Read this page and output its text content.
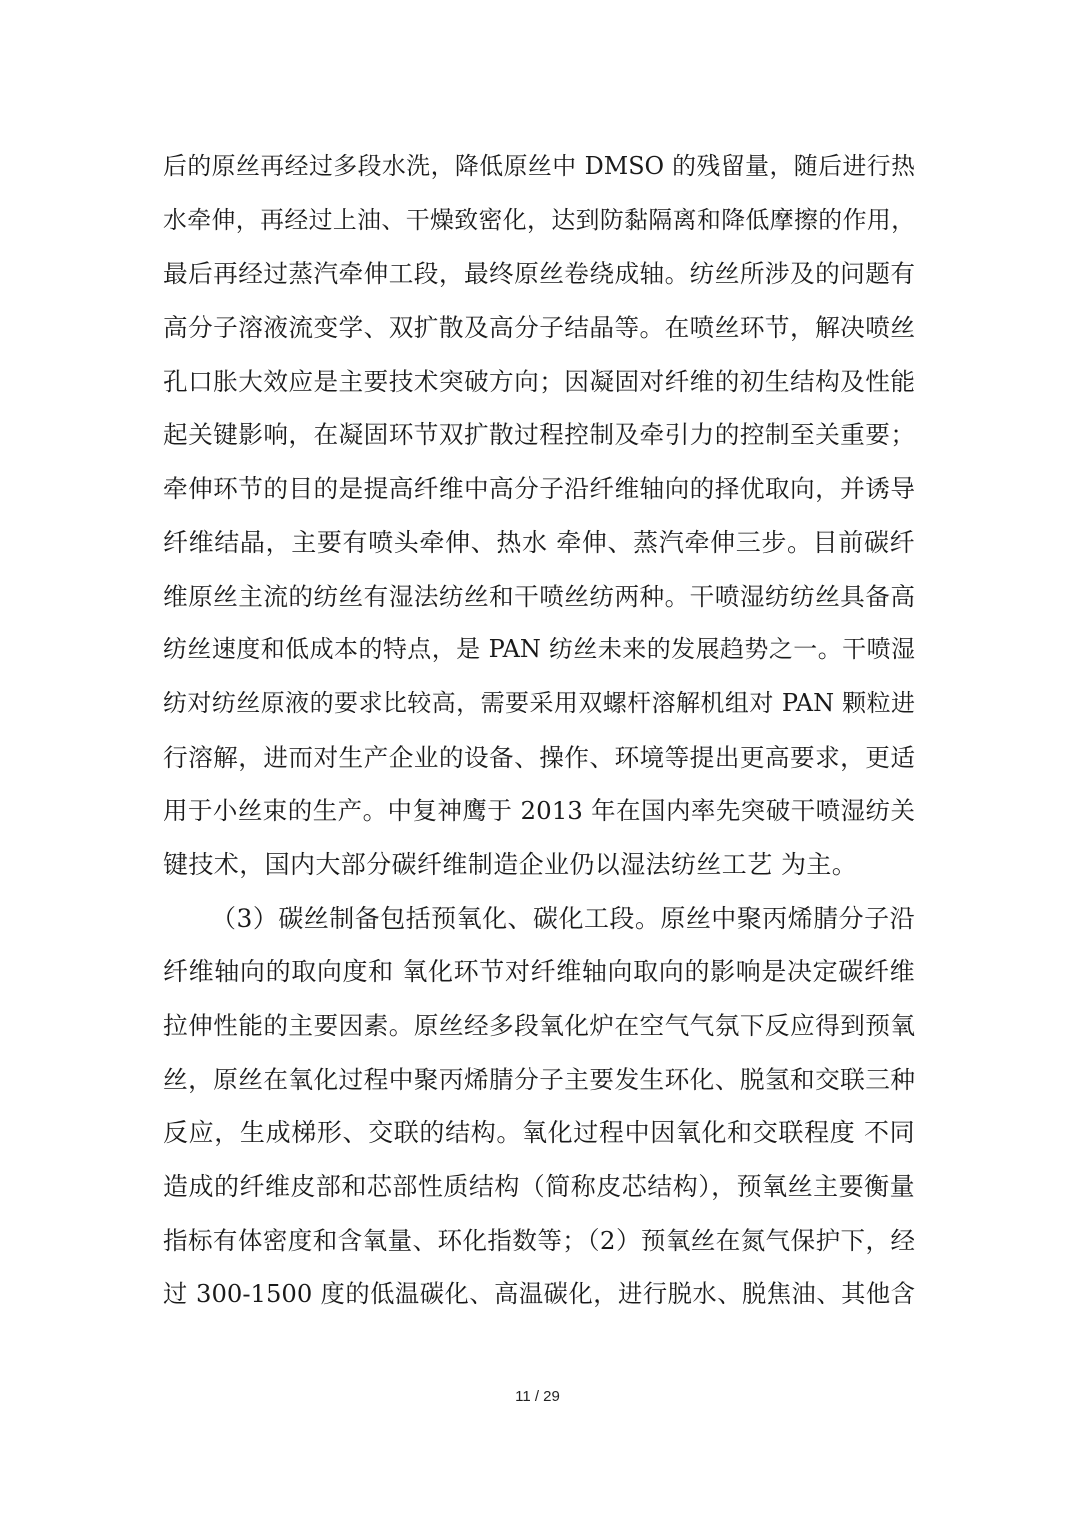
后的原丝再经过多段水洗，降低原丝中 DMSO 的残留量，随后进行热
水牵伸，再经过上油、干燥致密化，达到防黏隔离和降低摩擦的作用，
最后再经过蒸汽牵伸工段，最终原丝卷绕成轴。纺丝所涉及的问题有
高分子溶液流变学、双扩散及高分子结晶等。在喷丝环节，解决喷丝
孔口胀大效应是主要技术突破方向；因凝固对纤维的初生结构及性能
起关键影响，在凝固环节双扩散过程控制及牵引力的控制至关重要；
牵伸环节的目的是提高纤维中高分子沿纤维轴向的择优取向，并诱导
纤维结晶，主要有喷头牵伸、热水 牵伸、蒸汽牵伸三步。目前碳纤
维原丝主流的纺丝有湿法纺丝和干喷丝纺两种。干喷湿纺纺丝具备高
纺丝速度和低成本的特点，是 PAN 纺丝未来的发展趋势之一。干喷湿
纺对纺丝原液的要求比较高，需要采用双螺杆溶解机组对 PAN 颗粒进
行溶解，进而对生产企业的设备、操作、环境等提出更高要求，更适
用于小丝束的生产。中复神鹰于 2013 年在国内率先突破干喷湿纺关
键技术，国内大部分碳纤维制造企业仍以湿法纺丝工艺 为主。
（3）碳丝制备包括预氧化、碳化工段。原丝中聚丙烯腈分子沿
纤维轴向的取向度和 氧化环节对纤维轴向取向的影响是决定碳纤维
拉伸性能的主要因素。原丝经多段氧化炉在空气气氛下反应得到预氧
丝，原丝在氧化过程中聚丙烯腈分子主要发生环化、脱氢和交联三种
反应，生成梯形、交联的结构。氧化过程中因氧化和交联程度 不同
造成的纤维皮部和芯部性质结构（简称皮芯结构），预氧丝主要衡量
指标有体密度和含氧量、环化指数等；（2）预氧丝在氮气保护下，经
过 300-1500 度的低温碳化、高温碳化，进行脱水、脱焦油、其他含
11 / 29
